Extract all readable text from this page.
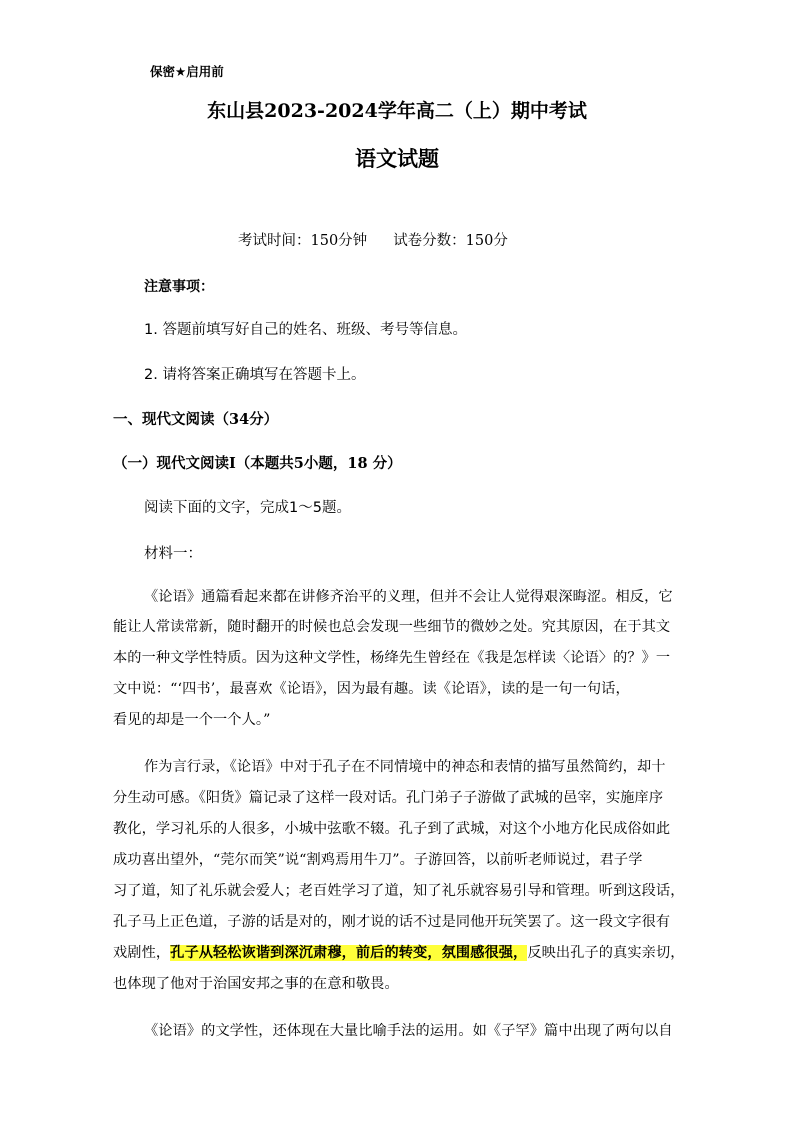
保密★启用前
东山县2023-2024学年高二（上）期中考试
语文试题
考试时间：150分钟 试卷分数：150分
注意事项：
1. 答题前填写好自己的姓名、班级、考号等信息。
2. 请将答案正确填写在答题卡上。
一、现代文阅读（34分）
（一）现代文阅读Ⅰ（本题共5小题，18 分）
阅读下面的文字，完成1～5题。
材料一：
《论语》通篇看起来都在讲修齐治平的义理，但并不会让人觉得艰深晦涩。相反，它
能让人常读常新，随时翻开的时候也总会发现一些细节的微妙之处。究其原因，在于其文
本的一种文学性特质。因为这种文学性，杨绛先生曾经在《我是怎样读〈论语〉的？》一
文中说：“‘四书’，最喜欢《论语》，因为最有趣。读《论语》，读的是一句一句话，
看见的却是一个一个人。”
作为言行录，《论语》中对于孔子在不同情境中的神态和表情的描写虽然简约，却十
分生动可感。《阳货》篇记录了这样一段对话。孔门弟子子游做了武城的邑宰，实施庠序
教化，学习礼乐的人很多，小城中弦歌不辍。孔子到了武城，对这个小地方化民成俗如此
成功喜出望外，“莞尔而笑”说“割鸡焉用牛刀”。子游回答，以前听老师说过，君子学
习了道，知了礼乐就会爱人；老百姓学习了道，知了礼乐就容易引导和管理。听到这段话，
孔子马上正色道，子游的话是对的，刚才说的话不过是同他开玩笑罢了。这一段文字很有
戏剧性，孔子从轻松诙谐到深沉肃穆，前后的转变，氛围感很强，反映出孔子的真实亲切，
也体现了他对于治国安邦之事的在意和敬畏。
《论语》的文学性，还体现在大量比喻手法的运用。如《子罕》篇中出现了两句以自
